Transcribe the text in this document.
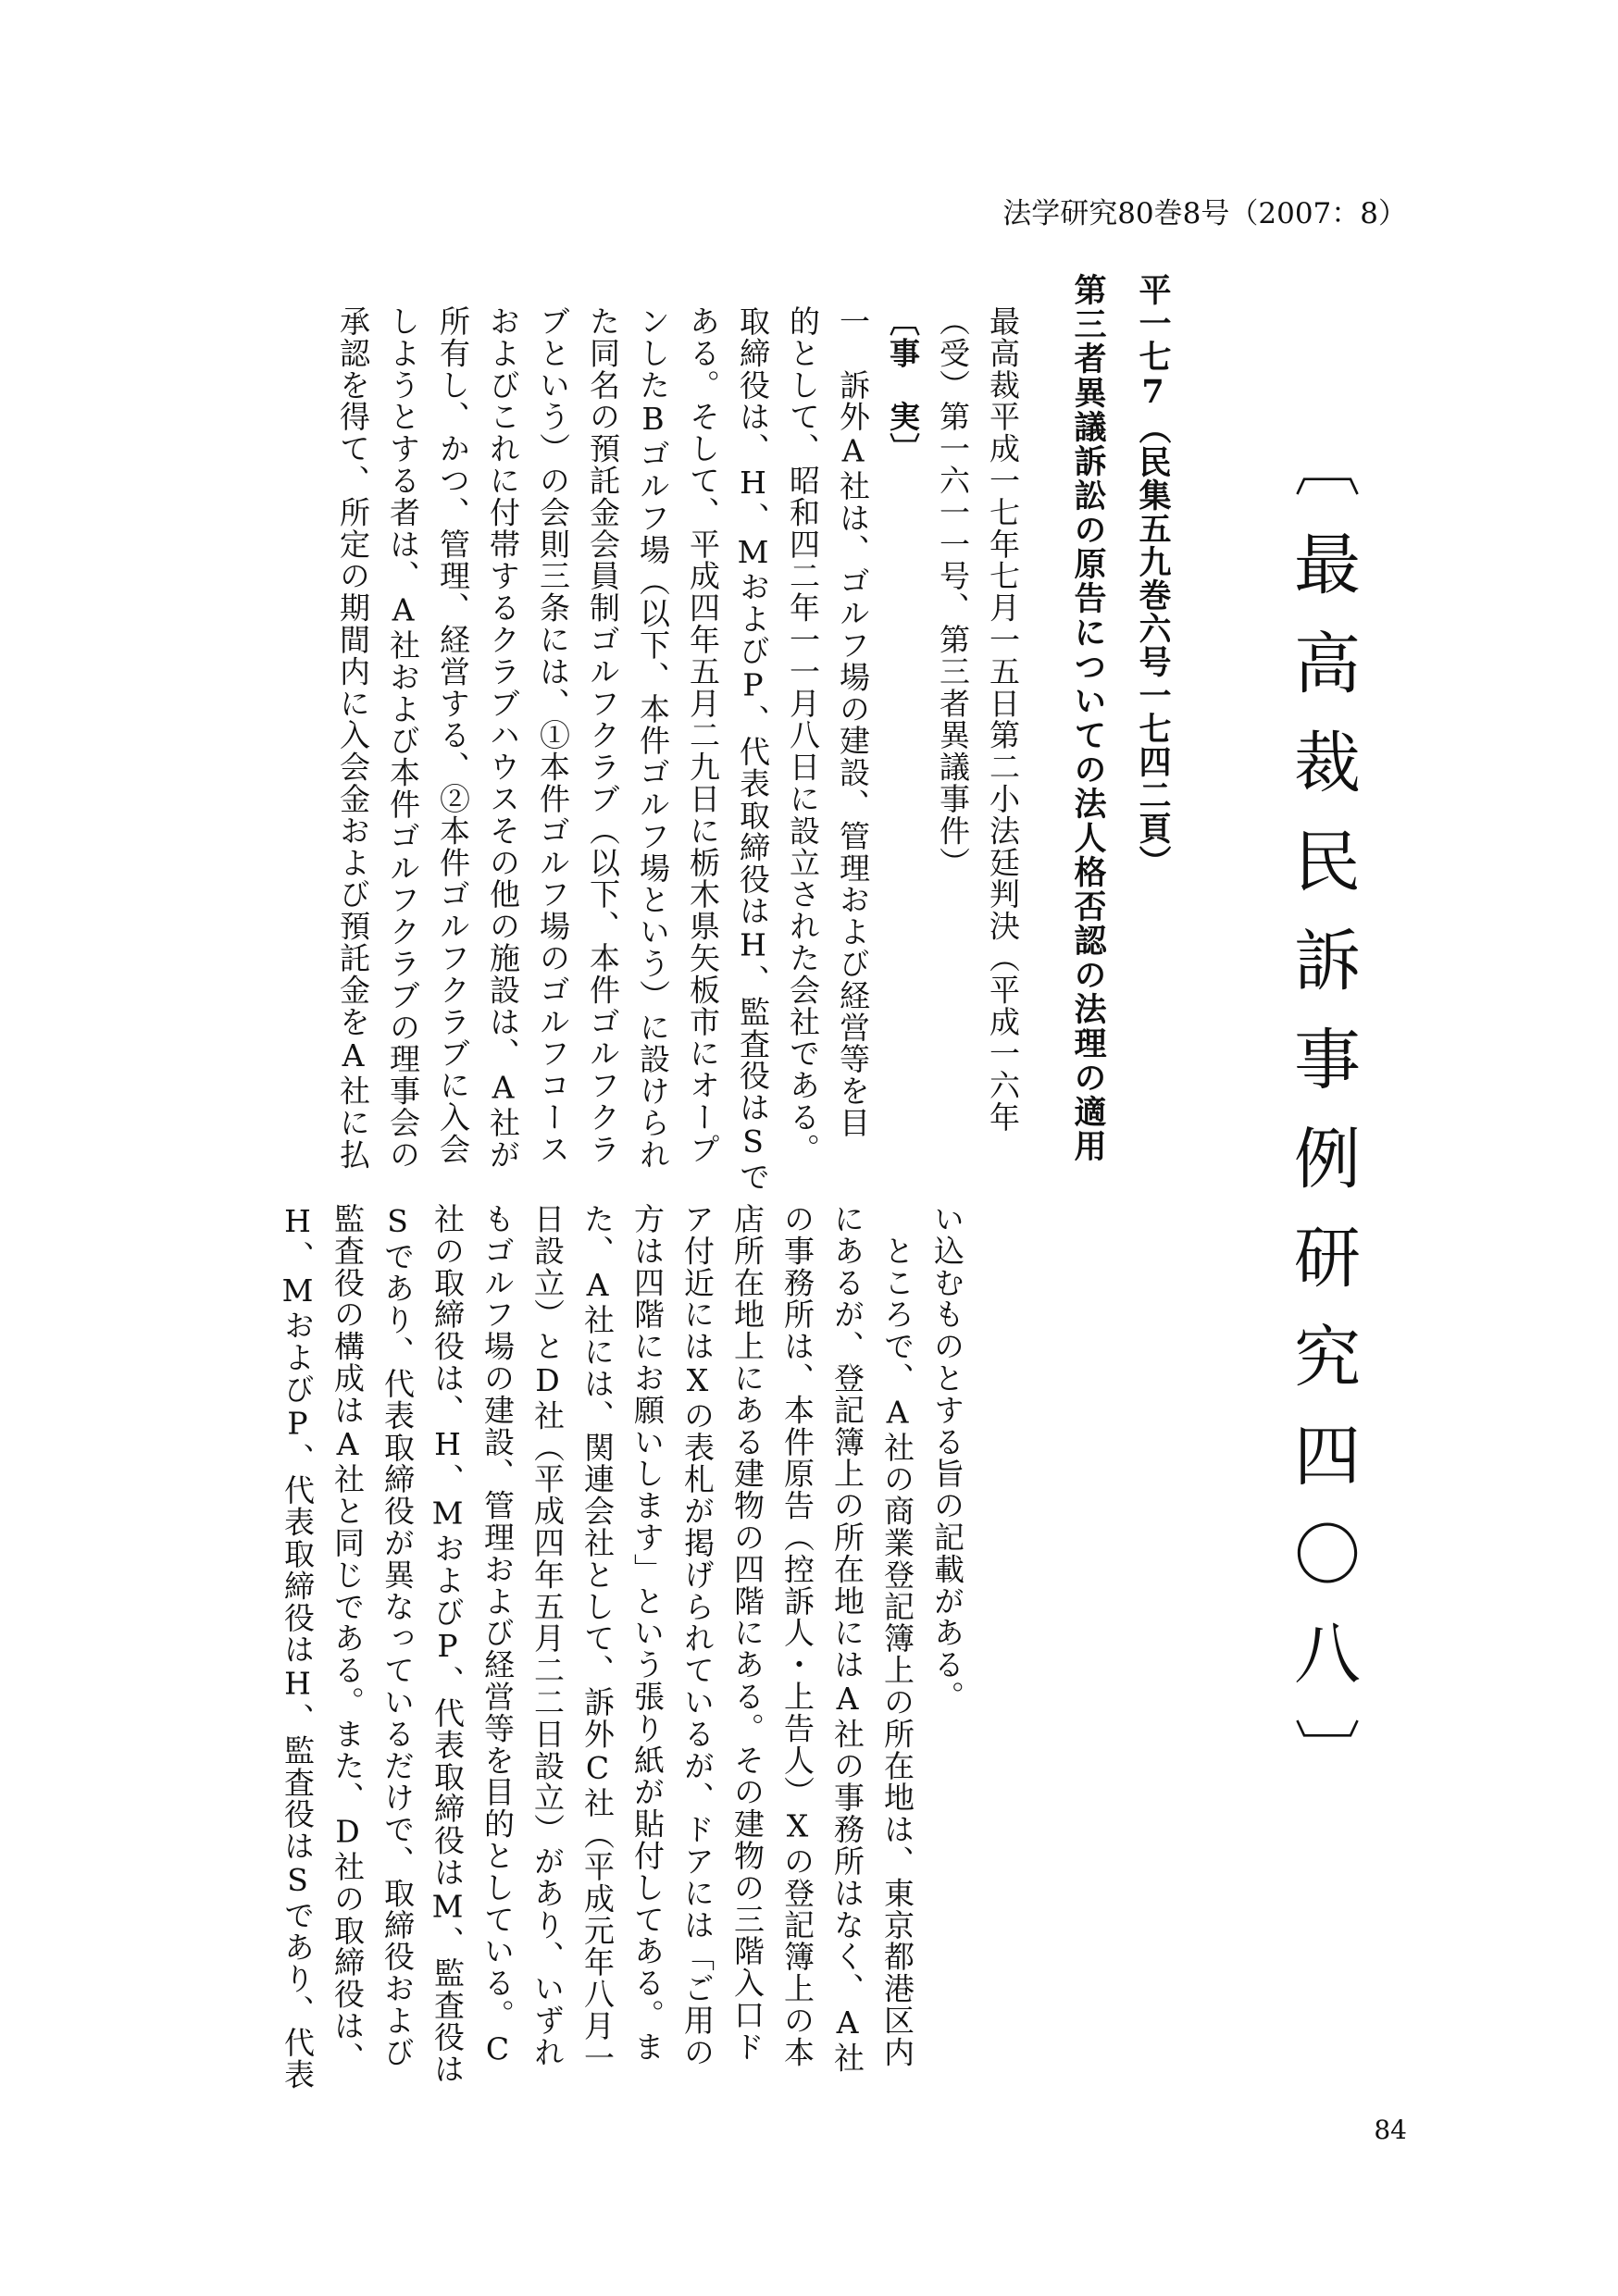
法学研究80巻8号（2007：8）
〔最高裁民訴事例研究四〇八〕
平一七7（民集五九巻六号一七四二頁）
第三者異議訴訟の原告についての法人格否認の法理の適用
最高裁平成一七年七月一五日第二小法廷判決（平成一六年
（受）第一六一一号、第三者異議事件）
〔事　実〕
一　訴外A社は、ゴルフ場の建設、管理および経営等を目
的として、昭和四二年一一月八日に設立された会社である。
取締役は、H、MおよびP、代表取締役はH、監査役はSで
ある。そして、平成四年五月二九日に栃木県矢板市にオープ
ンしたBゴルフ場（以下、本件ゴルフ場という）に設けられ
た同名の預託金会員制ゴルフクラブ（以下、本件ゴルフクラ
ブという）の会則三条には、①本件ゴルフ場のゴルフコース
およびこれに付帯するクラブハウスその他の施設は、A社が
所有し、かつ、管理、経営する、②本件ゴルフクラブに入会
しようとする者は、A社および本件ゴルフクラブの理事会の
承認を得て、所定の期間内に入会金および預託金をA社に払
い込むものとする旨の記載がある。
　ところで、A社の商業登記簿上の所在地は、東京都港区内
にあるが、登記簿上の所在地にはA社の事務所はなく、A社
の事務所は、本件原告（控訴人・上告人）Xの登記簿上の本
店所在地上にある建物の四階にある。その建物の三階入口ド
ア付近にはXの表札が掲げられているが、ドアには「ご用の
方は四階にお願いします」という張り紙が貼付してある。ま
た、A社には、関連会社として、訴外C社（平成元年八月一
日設立）とD社（平成四年五月二二日設立）があり、いずれ
もゴルフ場の建設、管理および経営等を目的としている。C
社の取締役は、H、MおよびP、代表取締役はM、監査役は
Sであり、代表取締役が異なっているだけで、取締役および
監査役の構成はA社と同じである。また、D社の取締役は、
H、MおよびP、代表取締役はH、監査役はSであり、代表
84
